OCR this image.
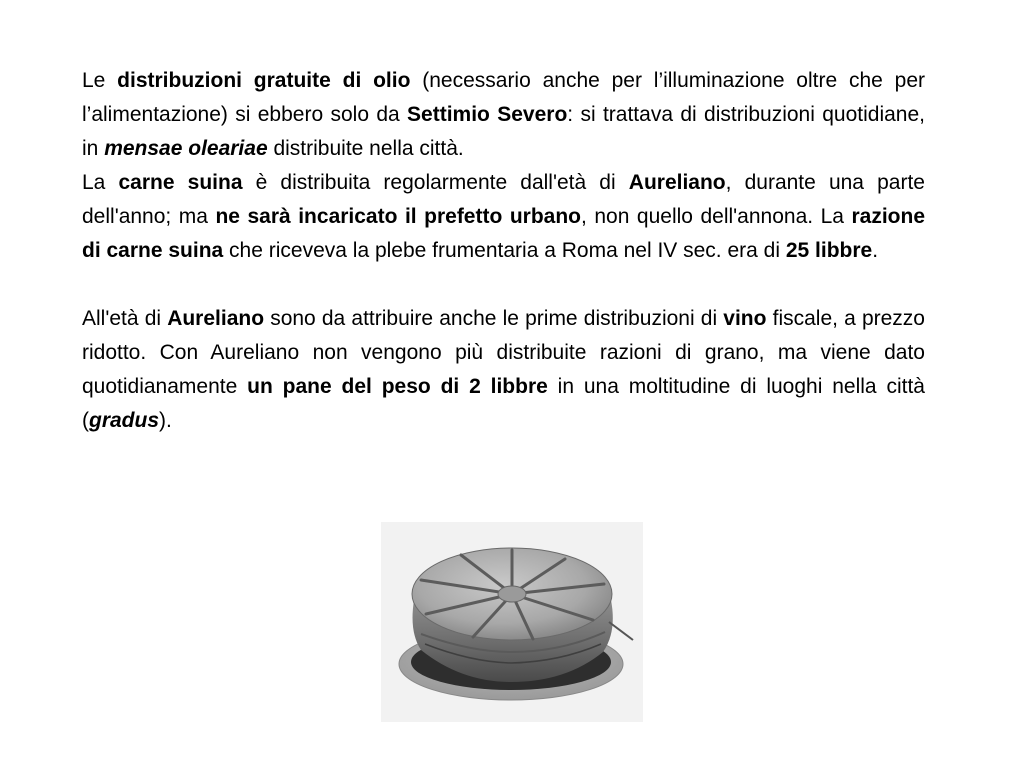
Le distribuzioni gratuite di olio (necessario anche per l’illuminazione oltre che per l’alimentazione) si ebbero solo da Settimio Severo: si trattava di distribuzioni quotidiane, in mensae oleariae distribuite nella città.

La carne suina è distribuita regolarmente dall'età di Aureliano, durante una parte dell'anno; ma ne sarà incaricato il prefetto urbano, non quello dell'annona. La razione di carne suina che riceveva la plebe frumentaria a Roma nel IV sec. era di 25 libbre.

All'età di Aureliano sono da attribuire anche le prime distribuzioni di vino fiscale, a prezzo ridotto. Con Aureliano non vengono più distribuite razioni di grano, ma viene dato quotidianamente un pane del peso di 2 libbre in una moltitudine di luoghi nella città (gradus).
